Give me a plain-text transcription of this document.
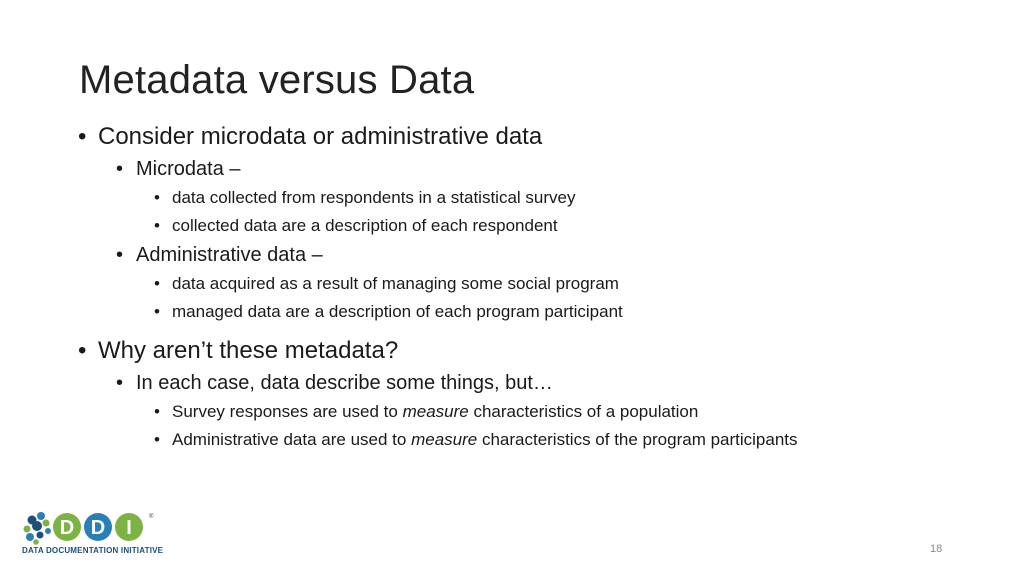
Metadata versus Data
• Consider microdata or administrative data
• Microdata –
• data collected from respondents in a statistical survey
• collected data are a description of each respondent
• Administrative data –
• data acquired as a result of managing some social program
• managed data are a description of each program participant
• Why aren’t these metadata?
• In each case, data describe some things, but…
• Survey responses are used to measure characteristics of a population
• Administrative data are used to measure characteristics of the program participants
D D I	®
DATA DOCUMENTATION INITIATIVE	18
